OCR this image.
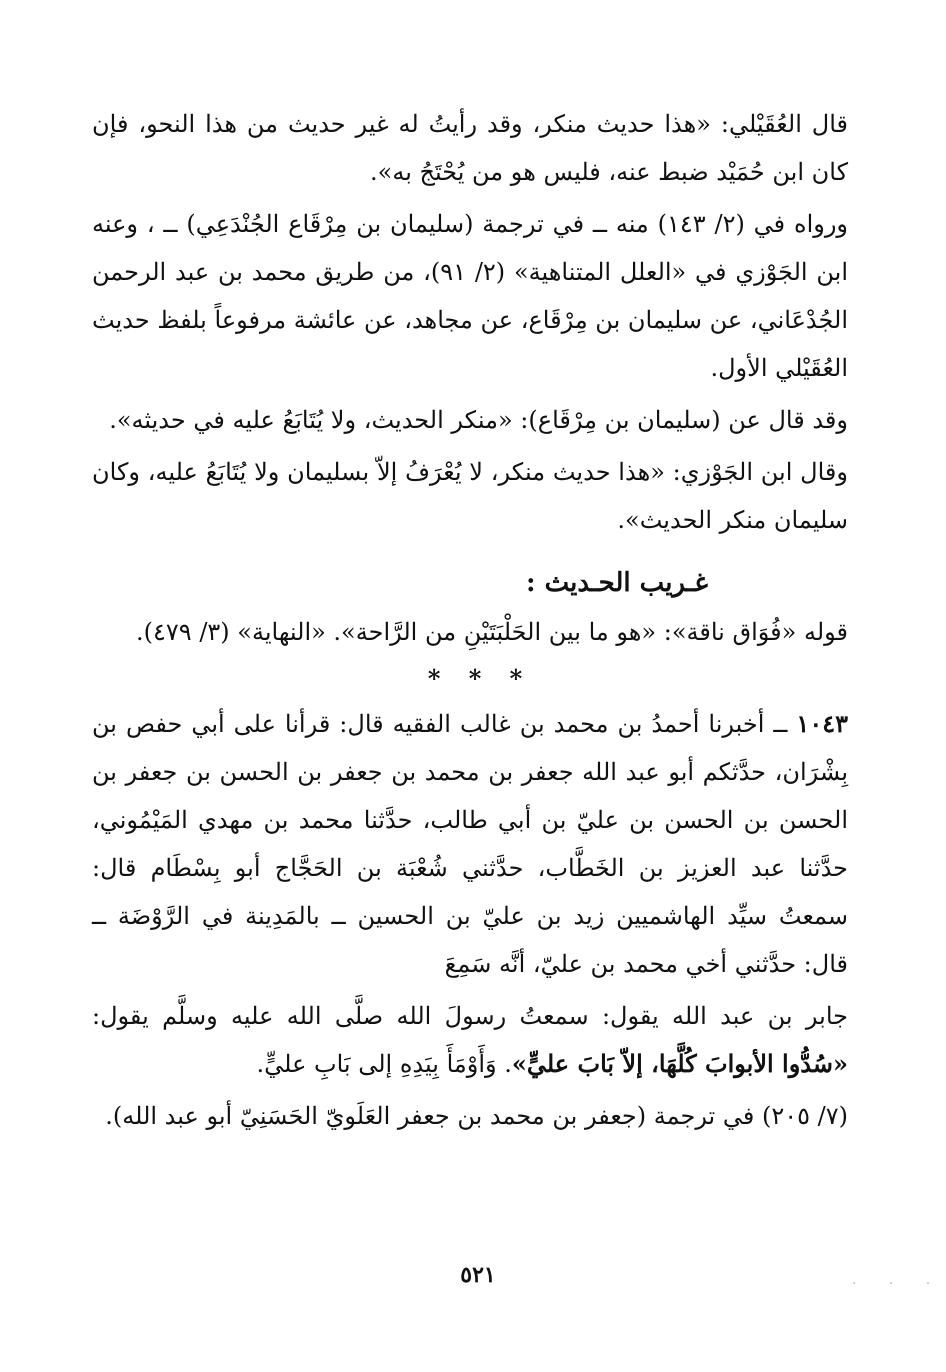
قال العُقَيْلي: «هذا حديث منكر، وقد رأيتُ له غير حديث من هذا النحو، فإن كان ابن حُمَيْد ضبط عنه، فليس هو من يُحْتَجُ به».

ورواه في (٢/ ١٤٣) منه ــ في ترجمة (سليمان بن مِرْقَاع الجُنْدَعِي) ــ ، وعنه ابن الجَوْزي في «العلل المتناهية» (٢/ ٩١)، من طريق محمد بن عبد الرحمن الجُدْعَاني، عن سليمان بن مِرْقَاع، عن مجاهد، عن عائشة مرفوعاً بلفظ حديث العُقَيْلي الأول.

وقد قال عن (سليمان بن مِرْقَاع): «منكر الحديث، ولا يُتَابَعُ عليه في حديثه».

وقال ابن الجَوْزي: «هذا حديث منكر، لا يُعْرَفُ إلاّ بسليمان ولا يُتَابَعُ عليه، وكان سليمان منكر الحديث».

غـريب الحـديث :

قوله «فُوَاق ناقة»: «هو ما بين الحَلْبَتَيْنِ من الرَّاحة». «النهاية» (٣/ ٤٧٩).

* * *

١٠٤٣ ــ أخبرنا أحمدُ بن محمد بن غالب الفقيه قال: قرأنا على أبي حفص بن بِشْرَان، حدَّثكم أبو عبد الله جعفر بن محمد بن جعفر بن الحسن بن جعفر بن الحسن بن الحسن بن عليّ بن أبي طالب، حدَّثنا محمد بن مهدي المَيْمُوني، حدَّثنا عبد العزيز بن الخَطَّاب، حدَّثني شُعْبَة بن الحَجَّاج أبو بِسْطَام قال: سمعتُ سيِّد الهاشميين زيد بن عليّ بن الحسين ــ بالمَدِينة في الرَّوْضَة ــ قال: حدَّثني أخي محمد بن عليّ، أنَّه سَمِعَ

جابر بن عبد الله يقول: سمعتُ رسولَ الله صلَّى الله عليه وسلَّم يقول: «سُدُّوا الأبوابَ كُلَّهَا، إلاّ بَابَ عليٍّ». وَأَوْمَأَ بِيَدِهِ إلى بَابِ عليٍّ.

(٧/ ٢٠٥) في ترجمة (جعفر بن محمد بن جعفر العَلَويّ الحَسَنِيّ أبو عبد الله).

٥٢١	· · ·
